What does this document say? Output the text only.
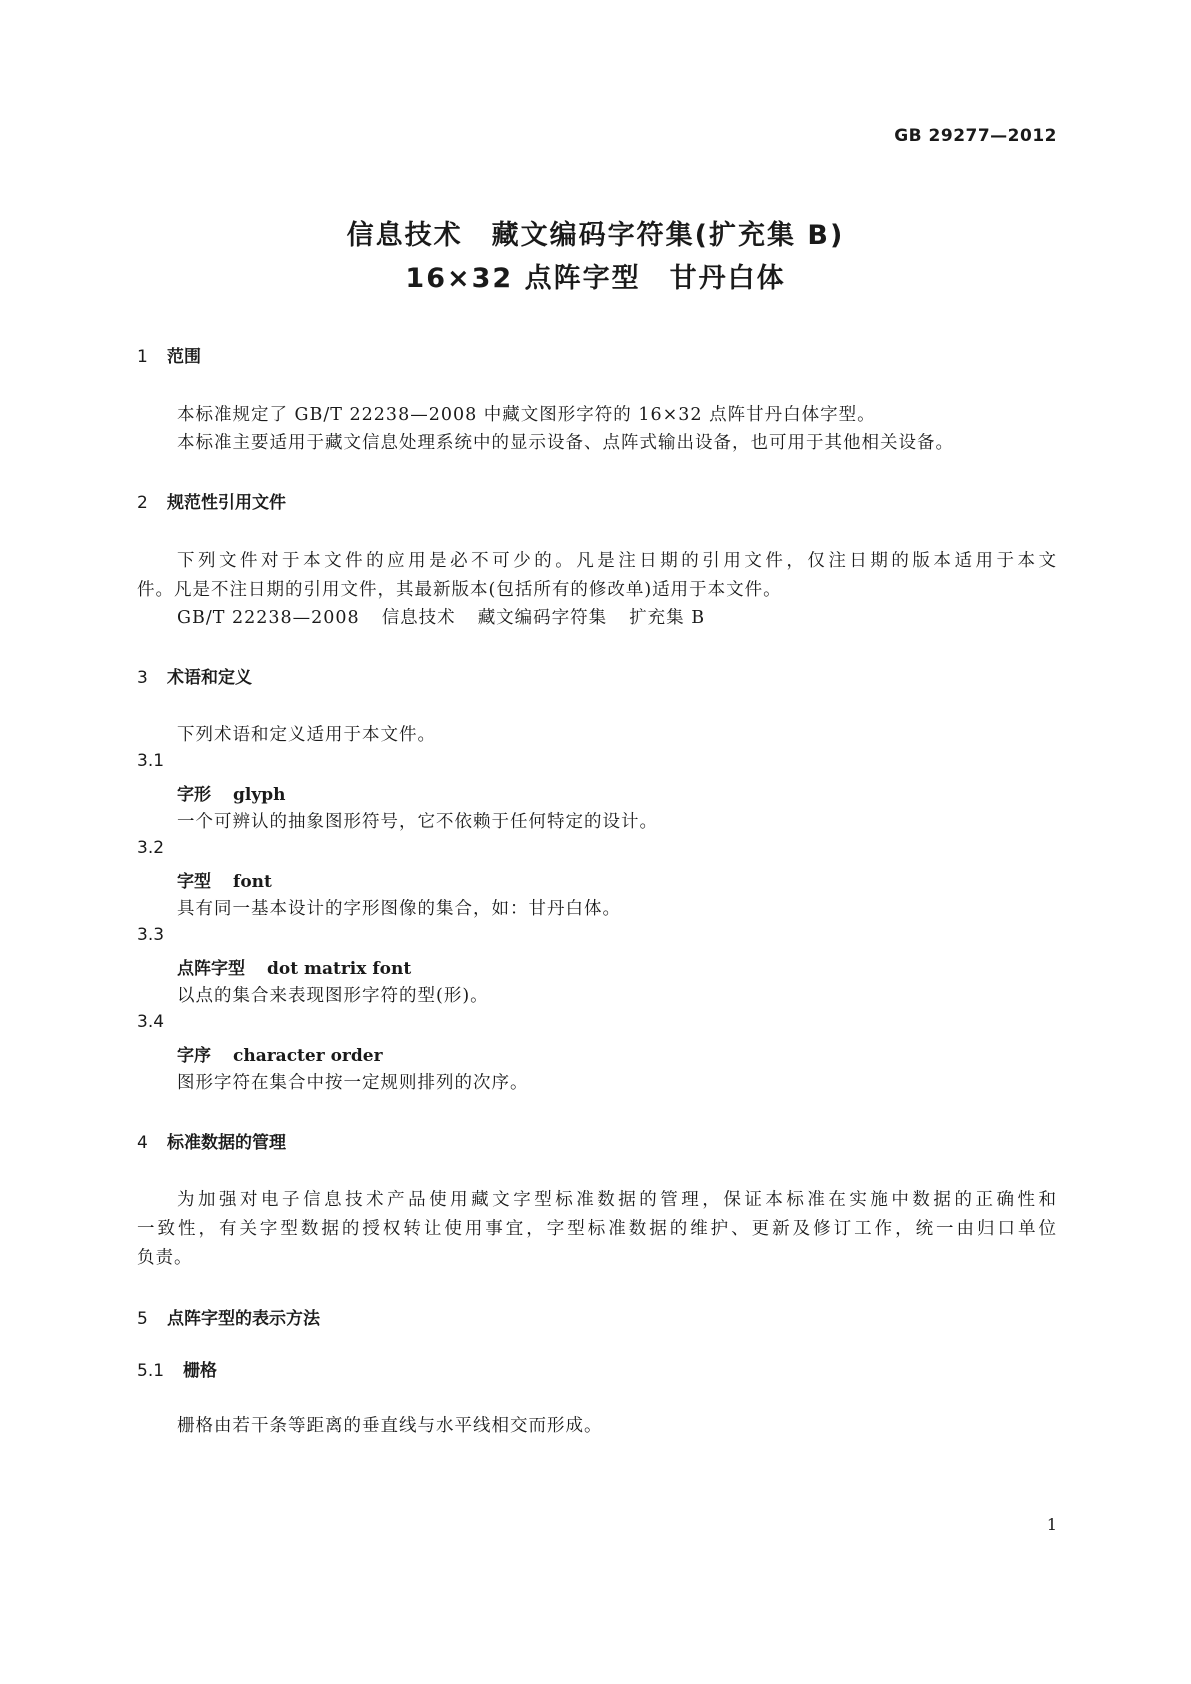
GB 29277—2012
信息技术　藏文编码字符集(扩充集 B)
16×32 点阵字型　甘丹白体
1 范围
本标准规定了 GB/T 22238—2008 中藏文图形字符的 16×32 点阵甘丹白体字型。
本标准主要适用于藏文信息处理系统中的显示设备、点阵式输出设备，也可用于其他相关设备。
2 规范性引用文件
下列文件对于本文件的应用是必不可少的。凡是注日期的引用文件，仅注日期的版本适用于本文
件。凡是不注日期的引用文件，其最新版本(包括所有的修改单)适用于本文件。
GB/T 22238—2008 信息技术 藏文编码字符集 扩充集 B
3 术语和定义
下列术语和定义适用于本文件。
3.1
字形 glyph
一个可辨认的抽象图形符号，它不依赖于任何特定的设计。
3.2
字型 font
具有同一基本设计的字形图像的集合，如：甘丹白体。
3.3
点阵字型 dot matrix font
以点的集合来表现图形字符的型(形)。
3.4
字序 character order
图形字符在集合中按一定规则排列的次序。
4 标准数据的管理
为加强对电子信息技术产品使用藏文字型标准数据的管理，保证本标准在实施中数据的正确性和
一致性，有关字型数据的授权转让使用事宜，字型标准数据的维护、更新及修订工作，统一由归口单位
负责。
5 点阵字型的表示方法
5.1 栅格
栅格由若干条等距离的垂直线与水平线相交而形成。
1
